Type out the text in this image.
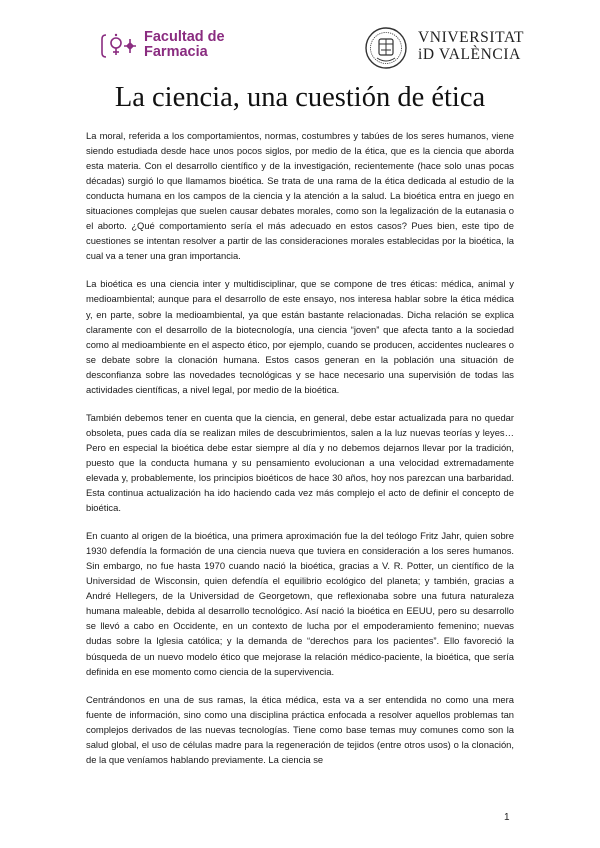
Facultad de
Farmacia
VNIVERSITAT
iD VALÈNCIA
La ciencia, una cuestión de ética

La moral, referida a los comportamientos, normas, costumbres y tabúes de los seres humanos, viene siendo estudiada desde hace unos pocos siglos, por medio de la ética, que es la ciencia que aborda esta materia. Con el desarrollo científico y de la investigación, recientemente (hace solo unas pocas décadas) surgió lo que llamamos bioética. Se trata de una rama de la ética dedicada al estudio de la conducta humana en los campos de la ciencia y la atención a la salud. La bioética entra en juego en situaciones complejas que suelen causar debates morales, como son la legalización de la eutanasia o el aborto. ¿Qué comportamiento sería el más adecuado en estos casos? Pues bien, este tipo de cuestiones se intentan resolver a partir de las consideraciones morales establecidas por la bioética, la cual va a tener una gran importancia.

La bioética es una ciencia inter y multidisciplinar, que se compone de tres éticas: médica, animal y medioambiental; aunque para el desarrollo de este ensayo, nos interesa hablar sobre la ética médica y, en parte, sobre la medioambiental, ya que están bastante relacionadas. Dicha relación se explica claramente con el desarrollo de la biotecnología, una ciencia “joven” que afecta tanto a la sociedad como al medioambiente en el aspecto ético, por ejemplo, cuando se producen, accidentes nucleares o se debate sobre la clonación humana. Estos casos generan en la población una situación de desconfianza sobre las novedades tecnológicas y se hace necesario una supervisión de todas las actividades científicas, a nivel legal, por medio de la bioética.

También debemos tener en cuenta que la ciencia, en general, debe estar actualizada para no quedar obsoleta, pues cada día se realizan miles de descubrimientos, salen a la luz nuevas teorías y leyes… Pero en especial la bioética debe estar siempre al día y no debemos dejarnos llevar por la tradición, puesto que la conducta humana y su pensamiento evolucionan a una velocidad extremadamente elevada y, probablemente, los principios bioéticos de hace 30 años, hoy nos parezcan una barbaridad. Esta continua actualización ha ido haciendo cada vez más complejo el acto de definir el concepto de bioética.

En cuanto al origen de la bioética, una primera aproximación fue la del teólogo Fritz Jahr, quien sobre 1930 defendía la formación de una ciencia nueva que tuviera en consideración a los seres humanos. Sin embargo, no fue hasta 1970 cuando nació la bioética, gracias a V. R. Potter, un científico de la Universidad de Wisconsin, quien defendía el equilibrio ecológico del planeta; y también, gracias a André Hellegers, de la Universidad de Georgetown, que reflexionaba sobre una futura naturaleza humana maleable, debida al desarrollo tecnológico. Así nació la bioética en EEUU, pero su desarrollo se llevó a cabo en Occidente, en un contexto de lucha por el empoderamiento femenino; nuevas dudas sobre la Iglesia católica; y la demanda de “derechos para los pacientes”. Ello favoreció la búsqueda de un nuevo modelo ético que mejorase la relación médico-paciente, la bioética, que sería definida en ese momento como ciencia de la supervivencia.

Centrándonos en una de sus ramas, la ética médica, esta va a ser entendida no como una mera fuente de información, sino como una disciplina práctica enfocada a resolver aquellos problemas tan complejos derivados de las nuevas tecnologías. Tiene como base temas muy comunes como son la salud global, el uso de células madre para la regeneración de tejidos (entre otros usos) o la clonación, de la que veníamos hablando previamente. La ciencia se

1
